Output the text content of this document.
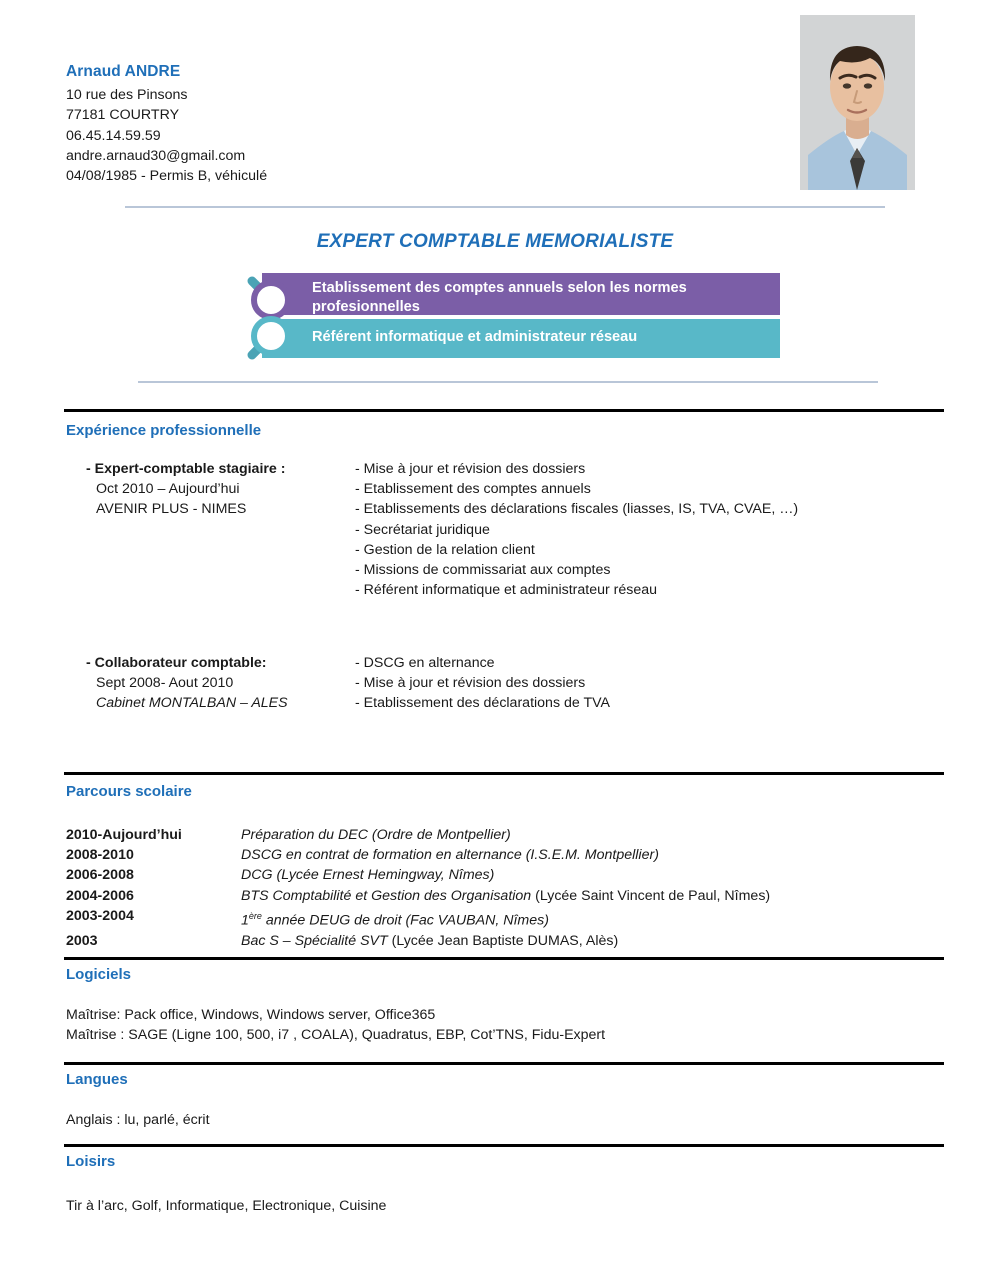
Arnaud ANDRE
10 rue des Pinsons
77181 COURTRY
06.45.14.59.59
andre.arnaud30@gmail.com
04/08/1985 - Permis B, véhiculé
EXPERT COMPTABLE MEMORIALISTE
Etablissement des comptes annuels selon les normes profesionnelles
Référent informatique et administrateur réseau
Expérience professionnelle
- Expert-comptable stagiaire :
Oct 2010 – Aujourd’hui
AVENIR PLUS - NIMES
- Mise à jour et révision des dossiers
- Etablissement des comptes annuels
- Etablissements des déclarations fiscales (liasses, IS, TVA, CVAE, …)
- Secrétariat juridique
- Gestion de la relation client
- Missions de commissariat aux comptes
- Référent informatique et administrateur réseau
- Collaborateur comptable:
Sept 2008- Aout 2010
Cabinet MONTALBAN – ALES
- DSCG en alternance
- Mise à jour et révision des dossiers
- Etablissement des déclarations de TVA
Parcours scolaire
2010-Aujourd’hui	Préparation du DEC (Ordre de Montpellier)
2008-2010	DSCG en contrat de formation en alternance (I.S.E.M. Montpellier)
2006-2008	DCG (Lycée Ernest Hemingway, Nîmes)
2004-2006	BTS Comptabilité et Gestion des Organisation (Lycée Saint Vincent de Paul, Nîmes)
2003-2004	1ère année DEUG de droit (Fac VAUBAN, Nîmes)
2003	Bac S – Spécialité SVT (Lycée Jean Baptiste DUMAS, Alès)
Logiciels
Maîtrise: Pack office, Windows, Windows server, Office365
Maîtrise : SAGE (Ligne 100, 500, i7 , COALA), Quadratus, EBP, Cot’TNS, Fidu-Expert
Langues
Anglais : lu, parlé, écrit
Loisirs
Tir à l’arc, Golf, Informatique, Electronique, Cuisine
